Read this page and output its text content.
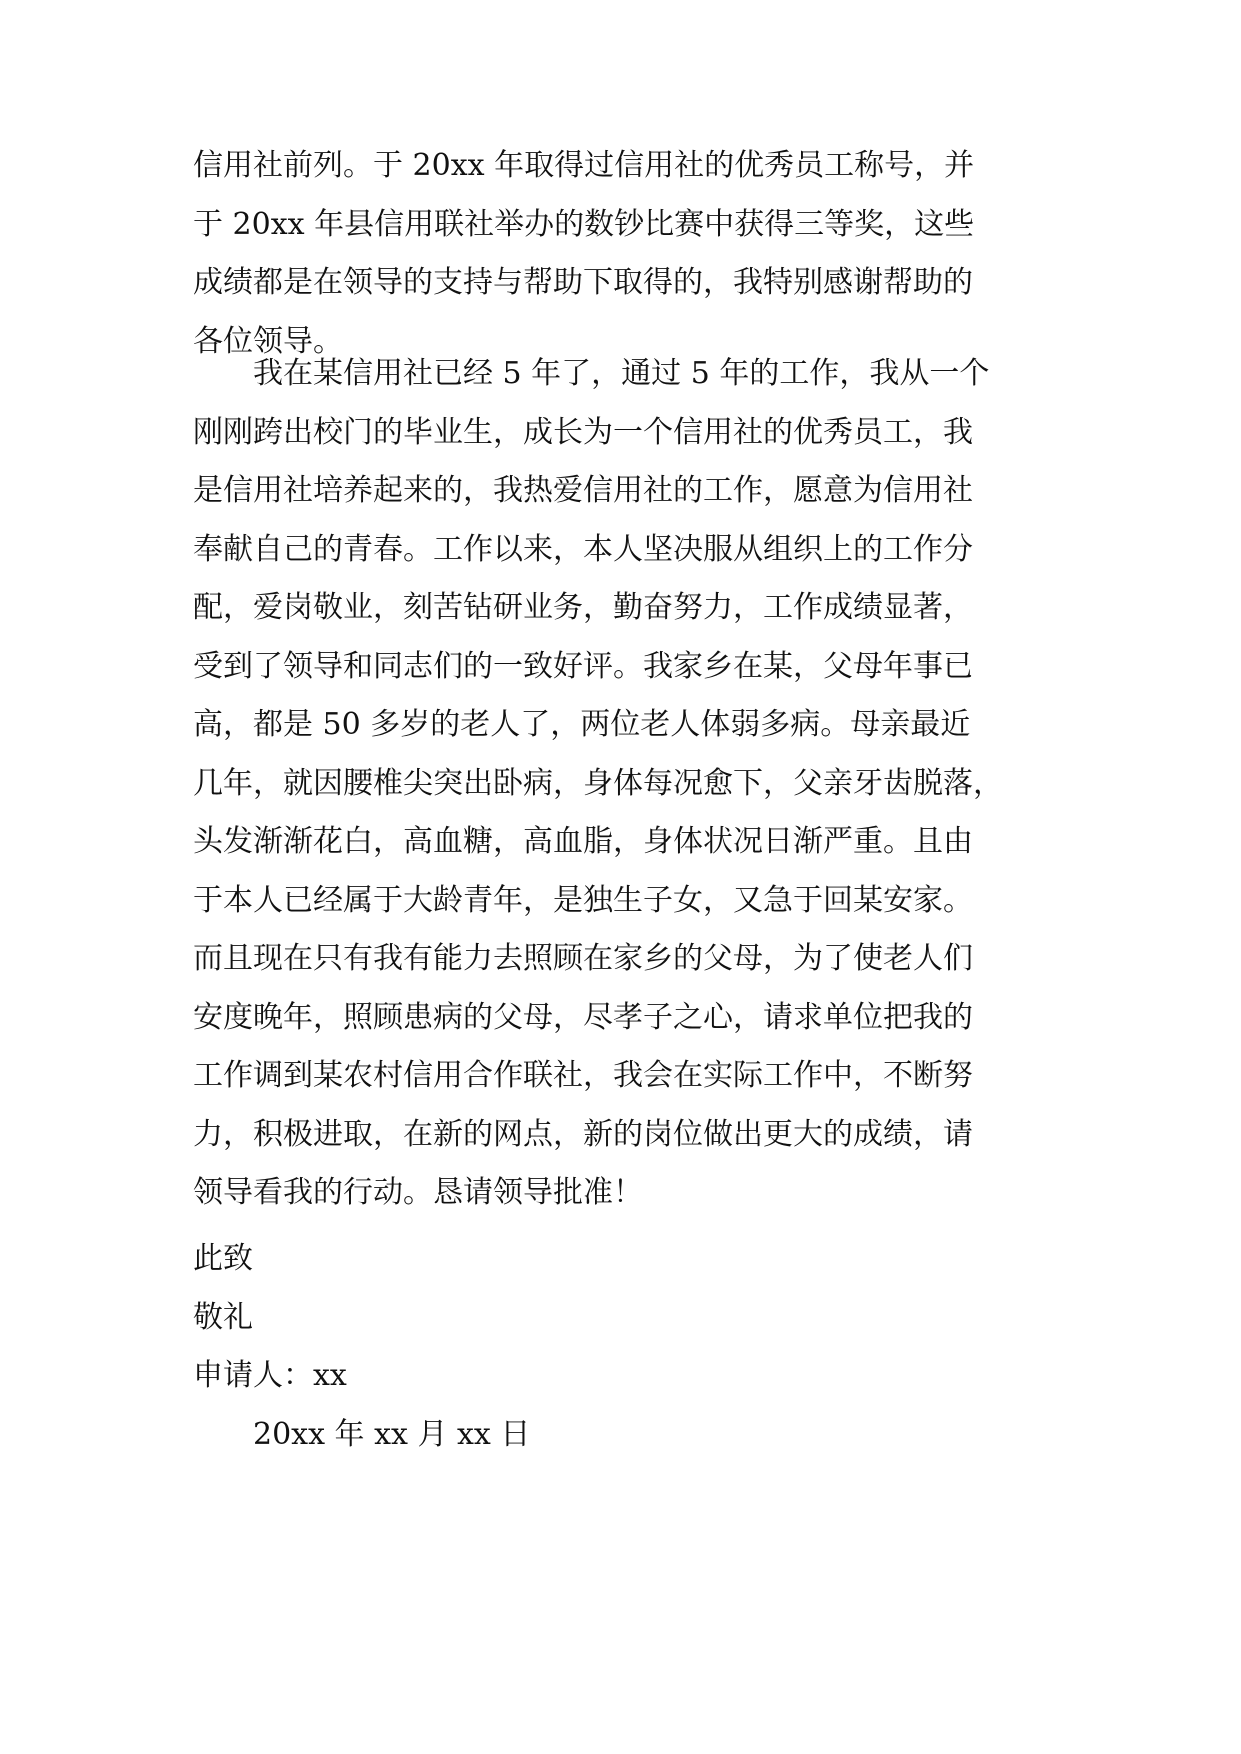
信用社前列。于 20xx 年取得过信用社的优秀员工称号，并
于 20xx 年县信用联社举办的数钞比赛中获得三等奖，这些
成绩都是在领导的支持与帮助下取得的，我特别感谢帮助的
各位领导。
　　我在某信用社已经 5 年了，通过 5 年的工作，我从一个
刚刚跨出校门的毕业生，成长为一个信用社的优秀员工，我
是信用社培养起来的，我热爱信用社的工作，愿意为信用社
奉献自己的青春。工作以来，本人坚决服从组织上的工作分
配，爱岗敬业，刻苦钻研业务，勤奋努力，工作成绩显著，
受到了领导和同志们的一致好评。我家乡在某，父母年事已
高，都是 50 多岁的老人了，两位老人体弱多病。母亲最近
几年，就因腰椎尖突出卧病，身体每况愈下，父亲牙齿脱落，
头发渐渐花白，高血糖，高血脂，身体状况日渐严重。且由
于本人已经属于大龄青年，是独生子女，又急于回某安家。
而且现在只有我有能力去照顾在家乡的父母，为了使老人们
安度晚年，照顾患病的父母，尽孝子之心，请求单位把我的
工作调到某农村信用合作联社，我会在实际工作中，不断努
力，积极进取，在新的网点，新的岗位做出更大的成绩，请
领导看我的行动。恳请领导批准！
此致
敬礼
申请人：xx
　　20xx 年 xx 月 xx 日
